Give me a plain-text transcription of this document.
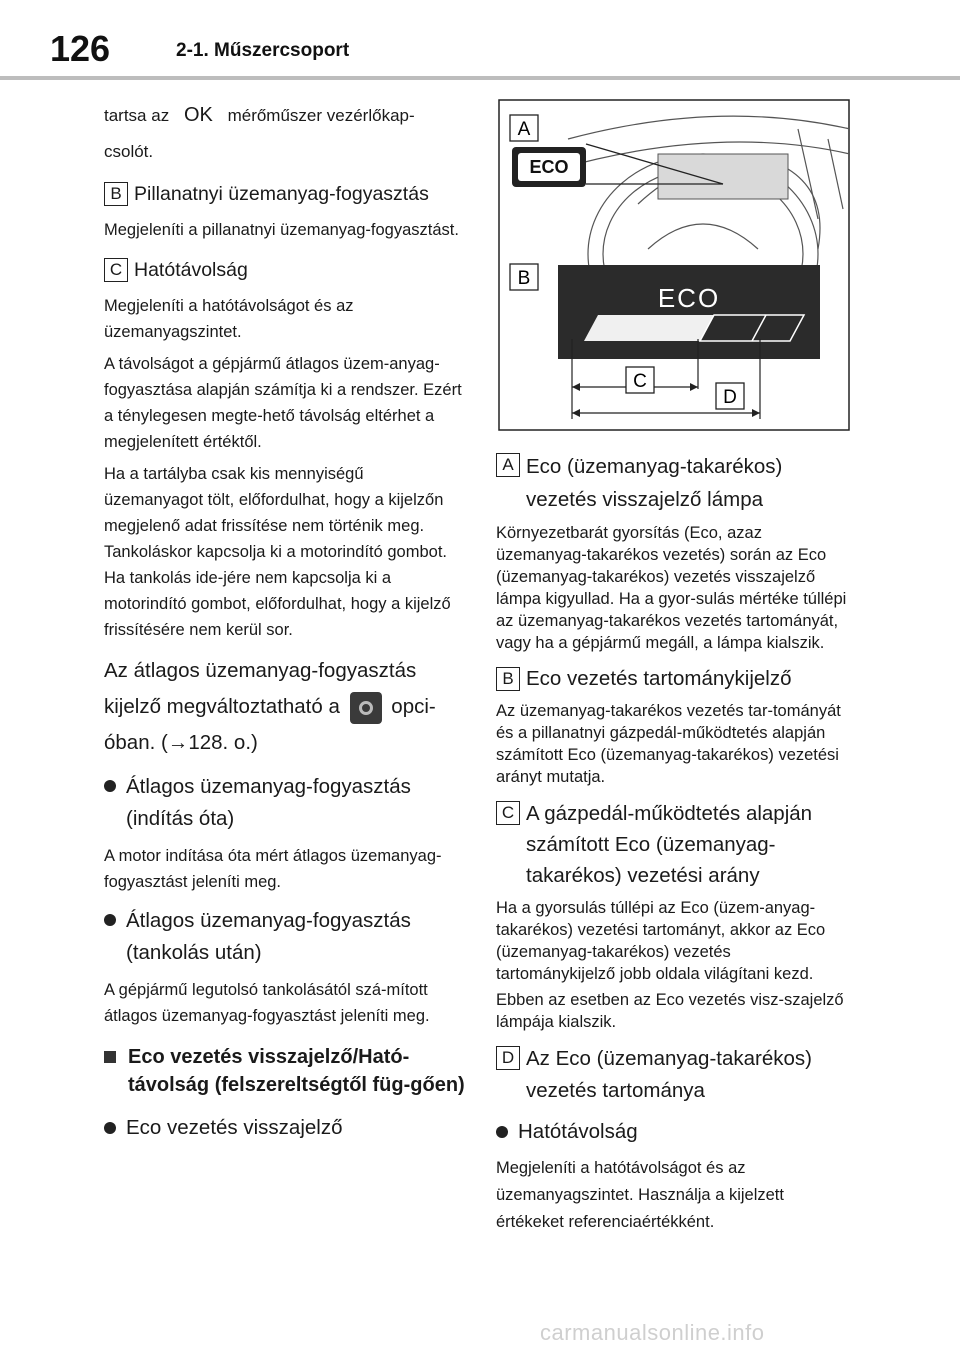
126	2-1. Műszercsoport

tartsa az OK mérőműszer vezérlőkap-

csolót.

B Pillanatnyi üzemanyag-fogyasztás

Megjeleníti a pillanatnyi üzemanyag-fogyasztást.

C Hatótávolság

Megjeleníti a hatótávolságot és az üzemanyagszintet.

A távolságot a gépjármű átlagos üzem-anyag-fogyasztása alapján számítja ki a rendszer. Ezért a ténylegesen megte-hető távolság eltérhet a megjelenített értéktől.

Ha a tartályba csak kis mennyiségű üzemanyagot tölt, előfordulhat, hogy a kijelzőn megjelenő adat frissítése nem történik meg. Tankoláskor kapcsolja ki a motorindító gombot. Ha tankolás ide-jére nem kapcsolja ki a motorindító gombot, előfordulhat, hogy a kijelző frissítésére nem kerül sor.

Az átlagos üzemanyag-fogyasztás
kijelző megváltoztatható a	opci-
óban. (→128. o.)

Átlagos üzemanyag-fogyasztás (indítás óta)

A motor indítása óta mért átlagos üzemanyag-fogyasztást jeleníti meg.

Átlagos üzemanyag-fogyasztás (tankolás után)

A gépjármű legutolsó tankolásától szá-mított átlagos üzemanyag-fogyasztást jeleníti meg.

Eco vezetés visszajelző/Ható-távolság (felszereltségtől füg-gően)
Eco vezetés visszajelző
A
ECO
B
ECO
C
D
A Eco (üzemanyag-takarékos) vezetés visszajelző lámpa

Környezetbarát gyorsítás (Eco, azaz üzemanyag-takarékos vezetés) során az Eco (üzemanyag-takarékos) vezetés visszajelző lámpa kigyullad. Ha a gyor-sulás mértéke túllépi az üzemanyag-takarékos vezetés tartományát, vagy ha a gépjármű megáll, a lámpa kialszik.

B Eco vezetés tartománykijelző

Az üzemanyag-takarékos vezetés tar-tományát és a pillanatnyi gázpedál-működtetés alapján számított Eco (üzemanyag-takarékos) vezetési arányt mutatja.

C A gázpedál-működtetés alapján számított Eco (üzemanyag-takarékos) vezetési arány

Ha a gyorsulás túllépi az Eco (üzem-anyag-takarékos) vezetési tartományt, akkor az Eco (üzemanyag-takarékos) vezetés tartománykijelző jobb oldala világítani kezd.

Ebben az esetben az Eco vezetés visz-szajelző lámpája kialszik.

D Az Eco (üzemanyag-takarékos) vezetés tartománya
Hatótávolság

Megjeleníti a hatótávolságot és az üzemanyagszintet. Használja a kijelzett értékeket referenciaértékként.

carmanualsonline.info
